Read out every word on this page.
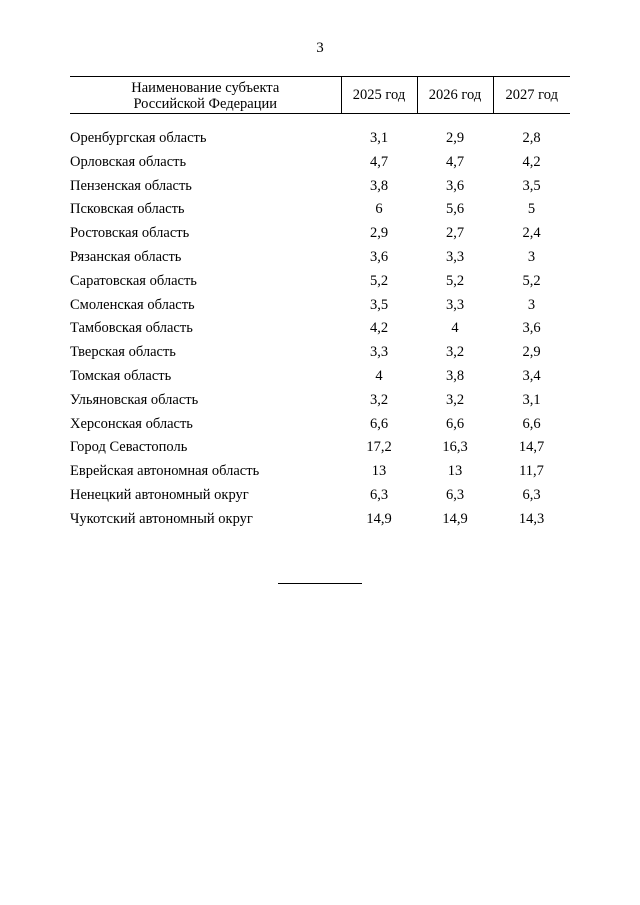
3
Наименование субъекта
Российской Федерации	2025 год	2026 год	2027 год

Оренбургская область	3,1	2,9	2,8
Орловская область	4,7	4,7	4,2
Пензенская область	3,8	3,6	3,5
Псковская область	6	5,6	5
Ростовская область	2,9	2,7	2,4
Рязанская область	3,6	3,3	3
Саратовская область	5,2	5,2	5,2
Смоленская область	3,5	3,3	3
Тамбовская область	4,2	4	3,6
Тверская область	3,3	3,2	2,9
Томская область	4	3,8	3,4
Ульяновская область	3,2	3,2	3,1
Херсонская область	6,6	6,6	6,6
Город Севастополь	17,2	16,3	14,7
Еврейская автономная область	13	13	11,7
Ненецкий автономный округ	6,3	6,3	6,3
Чукотский автономный округ	14,9	14,9	14,3
